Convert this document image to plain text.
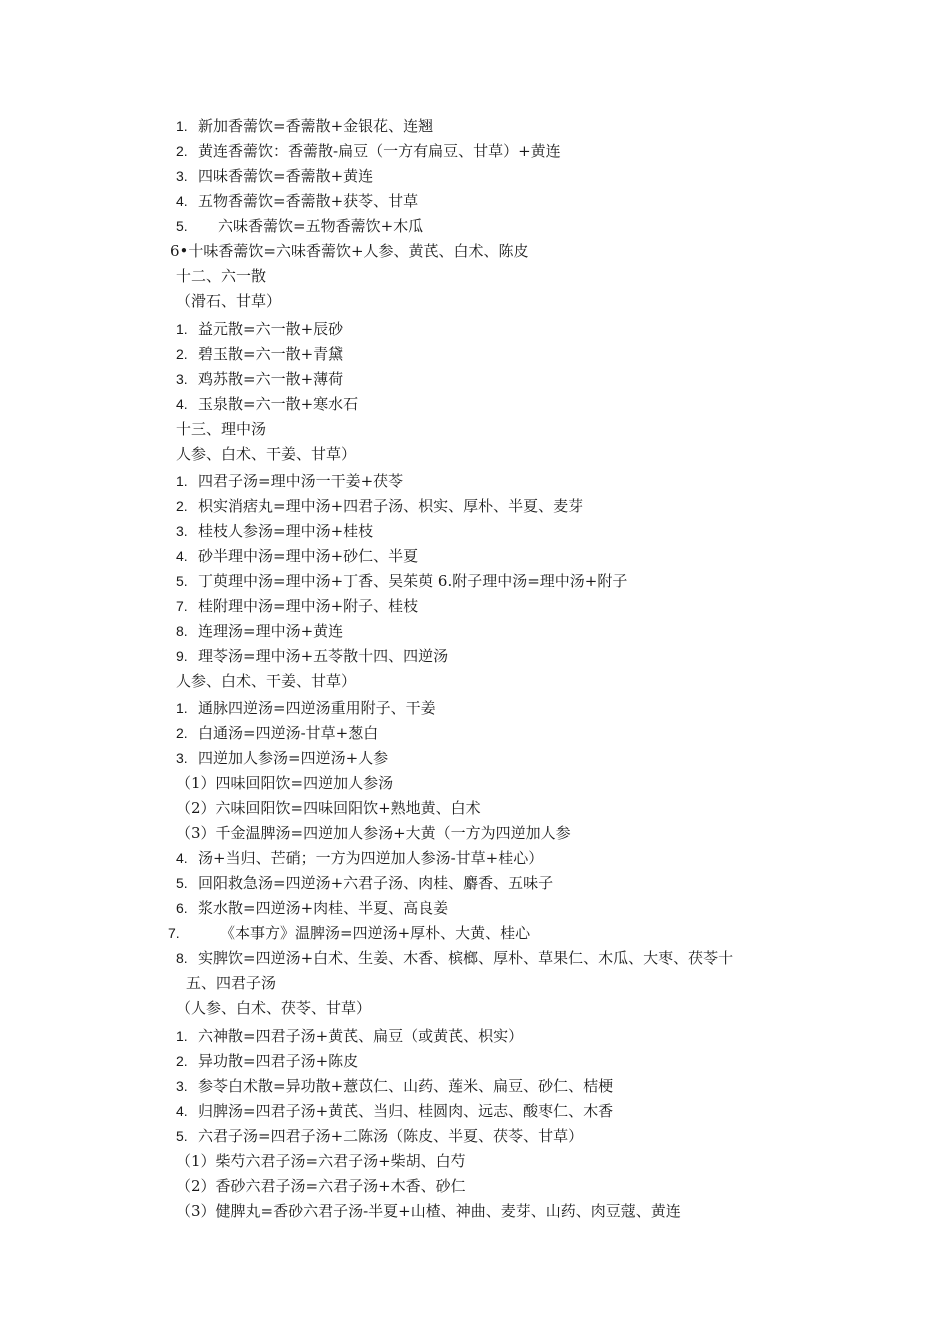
1. 新加香薷饮=香薷散+金银花、连翘
2. 黄连香薷饮：香薷散-扁豆（一方有扁豆、甘草）+黄连
3. 四味香薷饮=香薷散+黄连
4. 五物香薷饮=香薷散+获苓、甘草
5. 六味香薷饮=五物香薷饮+木瓜
6•十味香薷饮=六味香薷饮+人参、黄芪、白术、陈皮
十二、六一散
（滑石、甘草）
1. 益元散=六一散+辰砂
2. 碧玉散=六一散+青黛
3. 鸡苏散=六一散+薄荷
4. 玉泉散=六一散+寒水石
十三、理中汤
人参、白术、干姜、甘草）
1. 四君子汤=理中汤一干姜+茯苓
2. 枳实消痞丸=理中汤+四君子汤、枳实、厚朴、半夏、麦芽
3. 桂枝人参汤=理中汤+桂枝
4. 砂半理中汤=理中汤+砂仁、半夏
5. 丁萸理中汤=理中汤+丁香、吴茱萸 6.附子理中汤=理中汤+附子
7. 桂附理中汤=理中汤+附子、桂枝
8. 连理汤=理中汤+黄连
9. 理苓汤=理中汤+五苓散十四、四逆汤
人参、白术、干姜、甘草）
1. 通脉四逆汤=四逆汤重用附子、干姜
2. 白通汤=四逆汤-甘草+葱白
3. 四逆加人参汤=四逆汤+人参
（1）四味回阳饮=四逆加人参汤
（2）六味回阳饮=四味回阳饮+熟地黄、白术
（3）千金温脾汤=四逆加人参汤+大黄（一方为四逆加人参
4. 汤+当归、芒硝；一方为四逆加人参汤-甘草+桂心）
5. 回阳救急汤=四逆汤+六君子汤、肉桂、麝香、五味子
6. 浆水散=四逆汤+肉桂、半夏、高良姜
7.	《本事方》温脾汤=四逆汤+厚朴、大黄、桂心
8. 实脾饮=四逆汤+白术、生姜、木香、槟榔、厚朴、草果仁、木瓜、大枣、茯苓十
五、四君子汤
（人参、白术、茯苓、甘草）
1. 六神散=四君子汤+黄芪、扁豆（或黄芪、枳实）
2. 异功散=四君子汤+陈皮
3. 参苓白术散=异功散+薏苡仁、山药、莲米、扁豆、砂仁、桔梗
4. 归脾汤=四君子汤+黄芪、当归、桂圆肉、远志、酸枣仁、木香
5. 六君子汤=四君子汤+二陈汤（陈皮、半夏、茯苓、甘草）
（1）柴芍六君子汤=六君子汤+柴胡、白芍
（2）香砂六君子汤=六君子汤+木香、砂仁
（3）健脾丸=香砂六君子汤-半夏+山楂、神曲、麦芽、山药、肉豆蔻、黄连
